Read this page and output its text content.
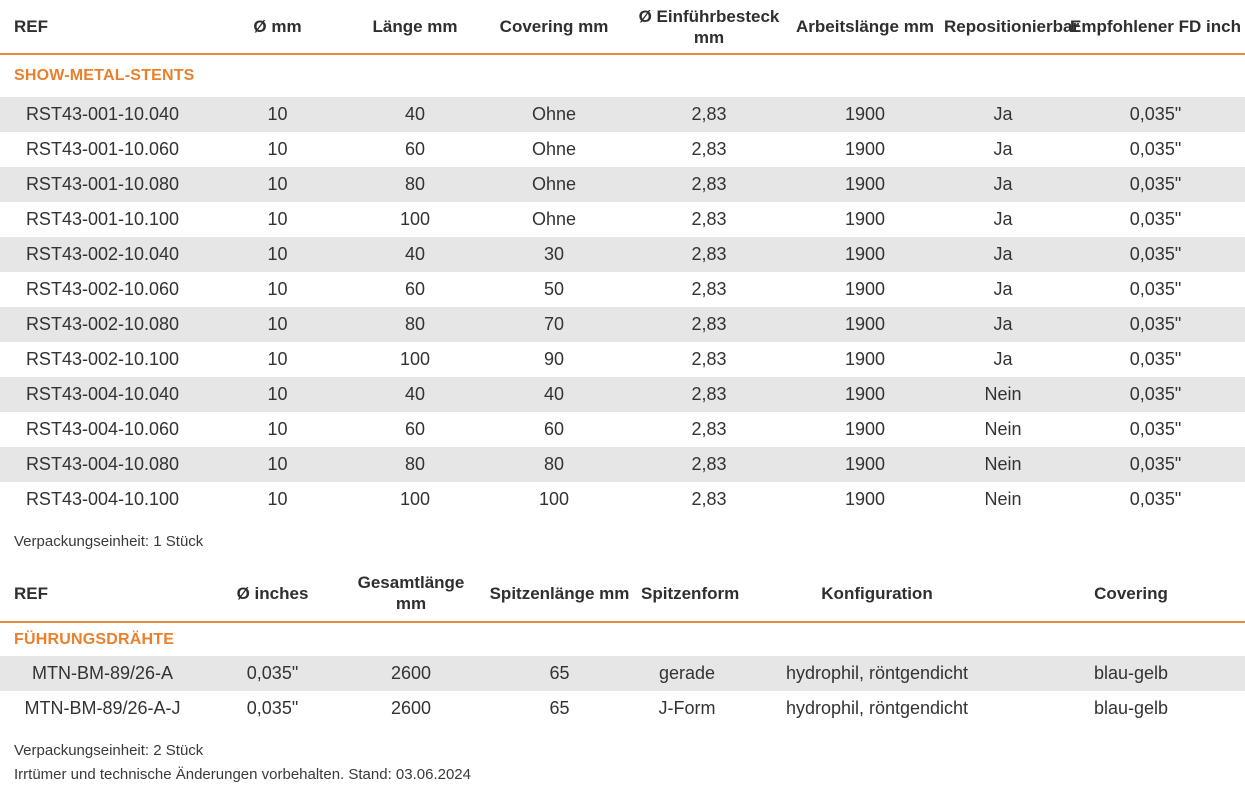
REF	Ø mm	Länge mm	Covering mm	Ø Einführbesteck mm	Arbeitslänge mm	Repositionierbar	Empfohlener FD inch
SHOW-METAL-STENTS							
RST43-001-10.040	10	40	Ohne	2,83	1900	Ja	0,035"
RST43-001-10.060	10	60	Ohne	2,83	1900	Ja	0,035"
RST43-001-10.080	10	80	Ohne	2,83	1900	Ja	0,035"
RST43-001-10.100	10	100	Ohne	2,83	1900	Ja	0,035"
RST43-002-10.040	10	40	30	2,83	1900	Ja	0,035"
RST43-002-10.060	10	60	50	2,83	1900	Ja	0,035"
RST43-002-10.080	10	80	70	2,83	1900	Ja	0,035"
RST43-002-10.100	10	100	90	2,83	1900	Ja	0,035"
RST43-004-10.040	10	40	40	2,83	1900	Nein	0,035"
RST43-004-10.060	10	60	60	2,83	1900	Nein	0,035"
RST43-004-10.080	10	80	80	2,83	1900	Nein	0,035"
RST43-004-10.100	10	100	100	2,83	1900	Nein	0,035"
Verpackungseinheit: 1 Stück
REF	Ø inches	Gesamtlänge mm	Spitzenlänge mm	Spitzenform	Konfiguration	Covering
FÜHRUNGSDRÄHTE						
MTN-BM-89/26-A	0,035"	2600	65	gerade	hydrophil, röntgendicht	blau-gelb
MTN-BM-89/26-A-J	0,035"	2600	65	J-Form	hydrophil, röntgendicht	blau-gelb
Verpackungseinheit: 2 Stück
Irrtümer und technische Änderungen vorbehalten. Stand: 03.06.2024
